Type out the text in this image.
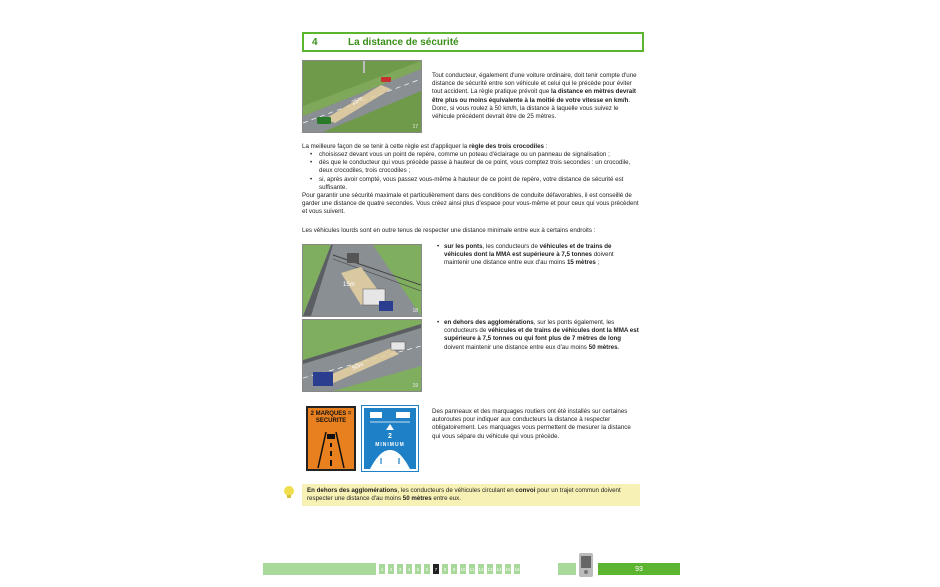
4	La distance de sécurité
25m
17
Tout conducteur, également d'une voiture ordinaire, doit tenir compte d'une distance de sécurité entre son véhicule et celui qui le précède pour éviter tout accident. La règle pratique prévoit que la distance en mètres devrait être plus ou moins équivalente à la moitié de votre vitesse en km/h. Donc, si vous roulez à 50 km/h, la distance à laquelle vous suivez le véhicule précédent devrait être de 25 mètres.
La meilleure façon de se tenir à cette règle est d'appliquer la règle des trois crocodiles :
• choisissez devant vous un point de repère, comme un poteau d'éclairage ou un panneau de signalisation ;
• dès que le conducteur qui vous précède passe à hauteur de ce point, vous comptez trois secondes : un crocodile, deux crocodiles, trois crocodiles ;
• si, après avoir compté, vous passez vous-même à hauteur de ce point de repère, votre distance de sécurité est suffisante.
Pour garantir une sécurité maximale et particulièrement dans des conditions de conduite défavorables, il est conseillé de garder une distance de quatre secondes. Vous créez ainsi plus d'espace pour vous-même et pour ceux qui vous précèdent et vous suivent.
Les véhicules lourds sont en outre tenus de respecter une distance minimale entre eux à certains endroits :
15m
18
• sur les ponts, les conducteurs de véhicules et de trains de véhicules dont la MMA est supérieure à 7,5 tonnes doivent maintenir une distance entre eux d'au moins 15 mètres ;
50m
19
• en dehors des agglomérations, sur les ponts également, les conducteurs de véhicules et de trains de véhicules dont la MMA est supérieure à 7,5 tonnes ou qui font plus de 7 mètres de long doivent maintenir une distance entre eux d'au moins 50 mètres.
2 MARQUES = SECURITE
2
MINIMUM
Des panneaux et des marquages routiers ont été installés sur certaines autoroutes pour indiquer aux conducteurs la distance à respecter obligatoirement. Les marquages vous permettent de mesurer la distance qui vous sépare du véhicule qui vous précède.
En dehors des agglomérations, les conducteurs de véhicules circulant en convoi pour un trajet commun doivent respecter une distance d'au moins 50 mètres entre eux.
1	2	3	4	5	6	7	8	9	10 11 12 13 14 15 16	93
